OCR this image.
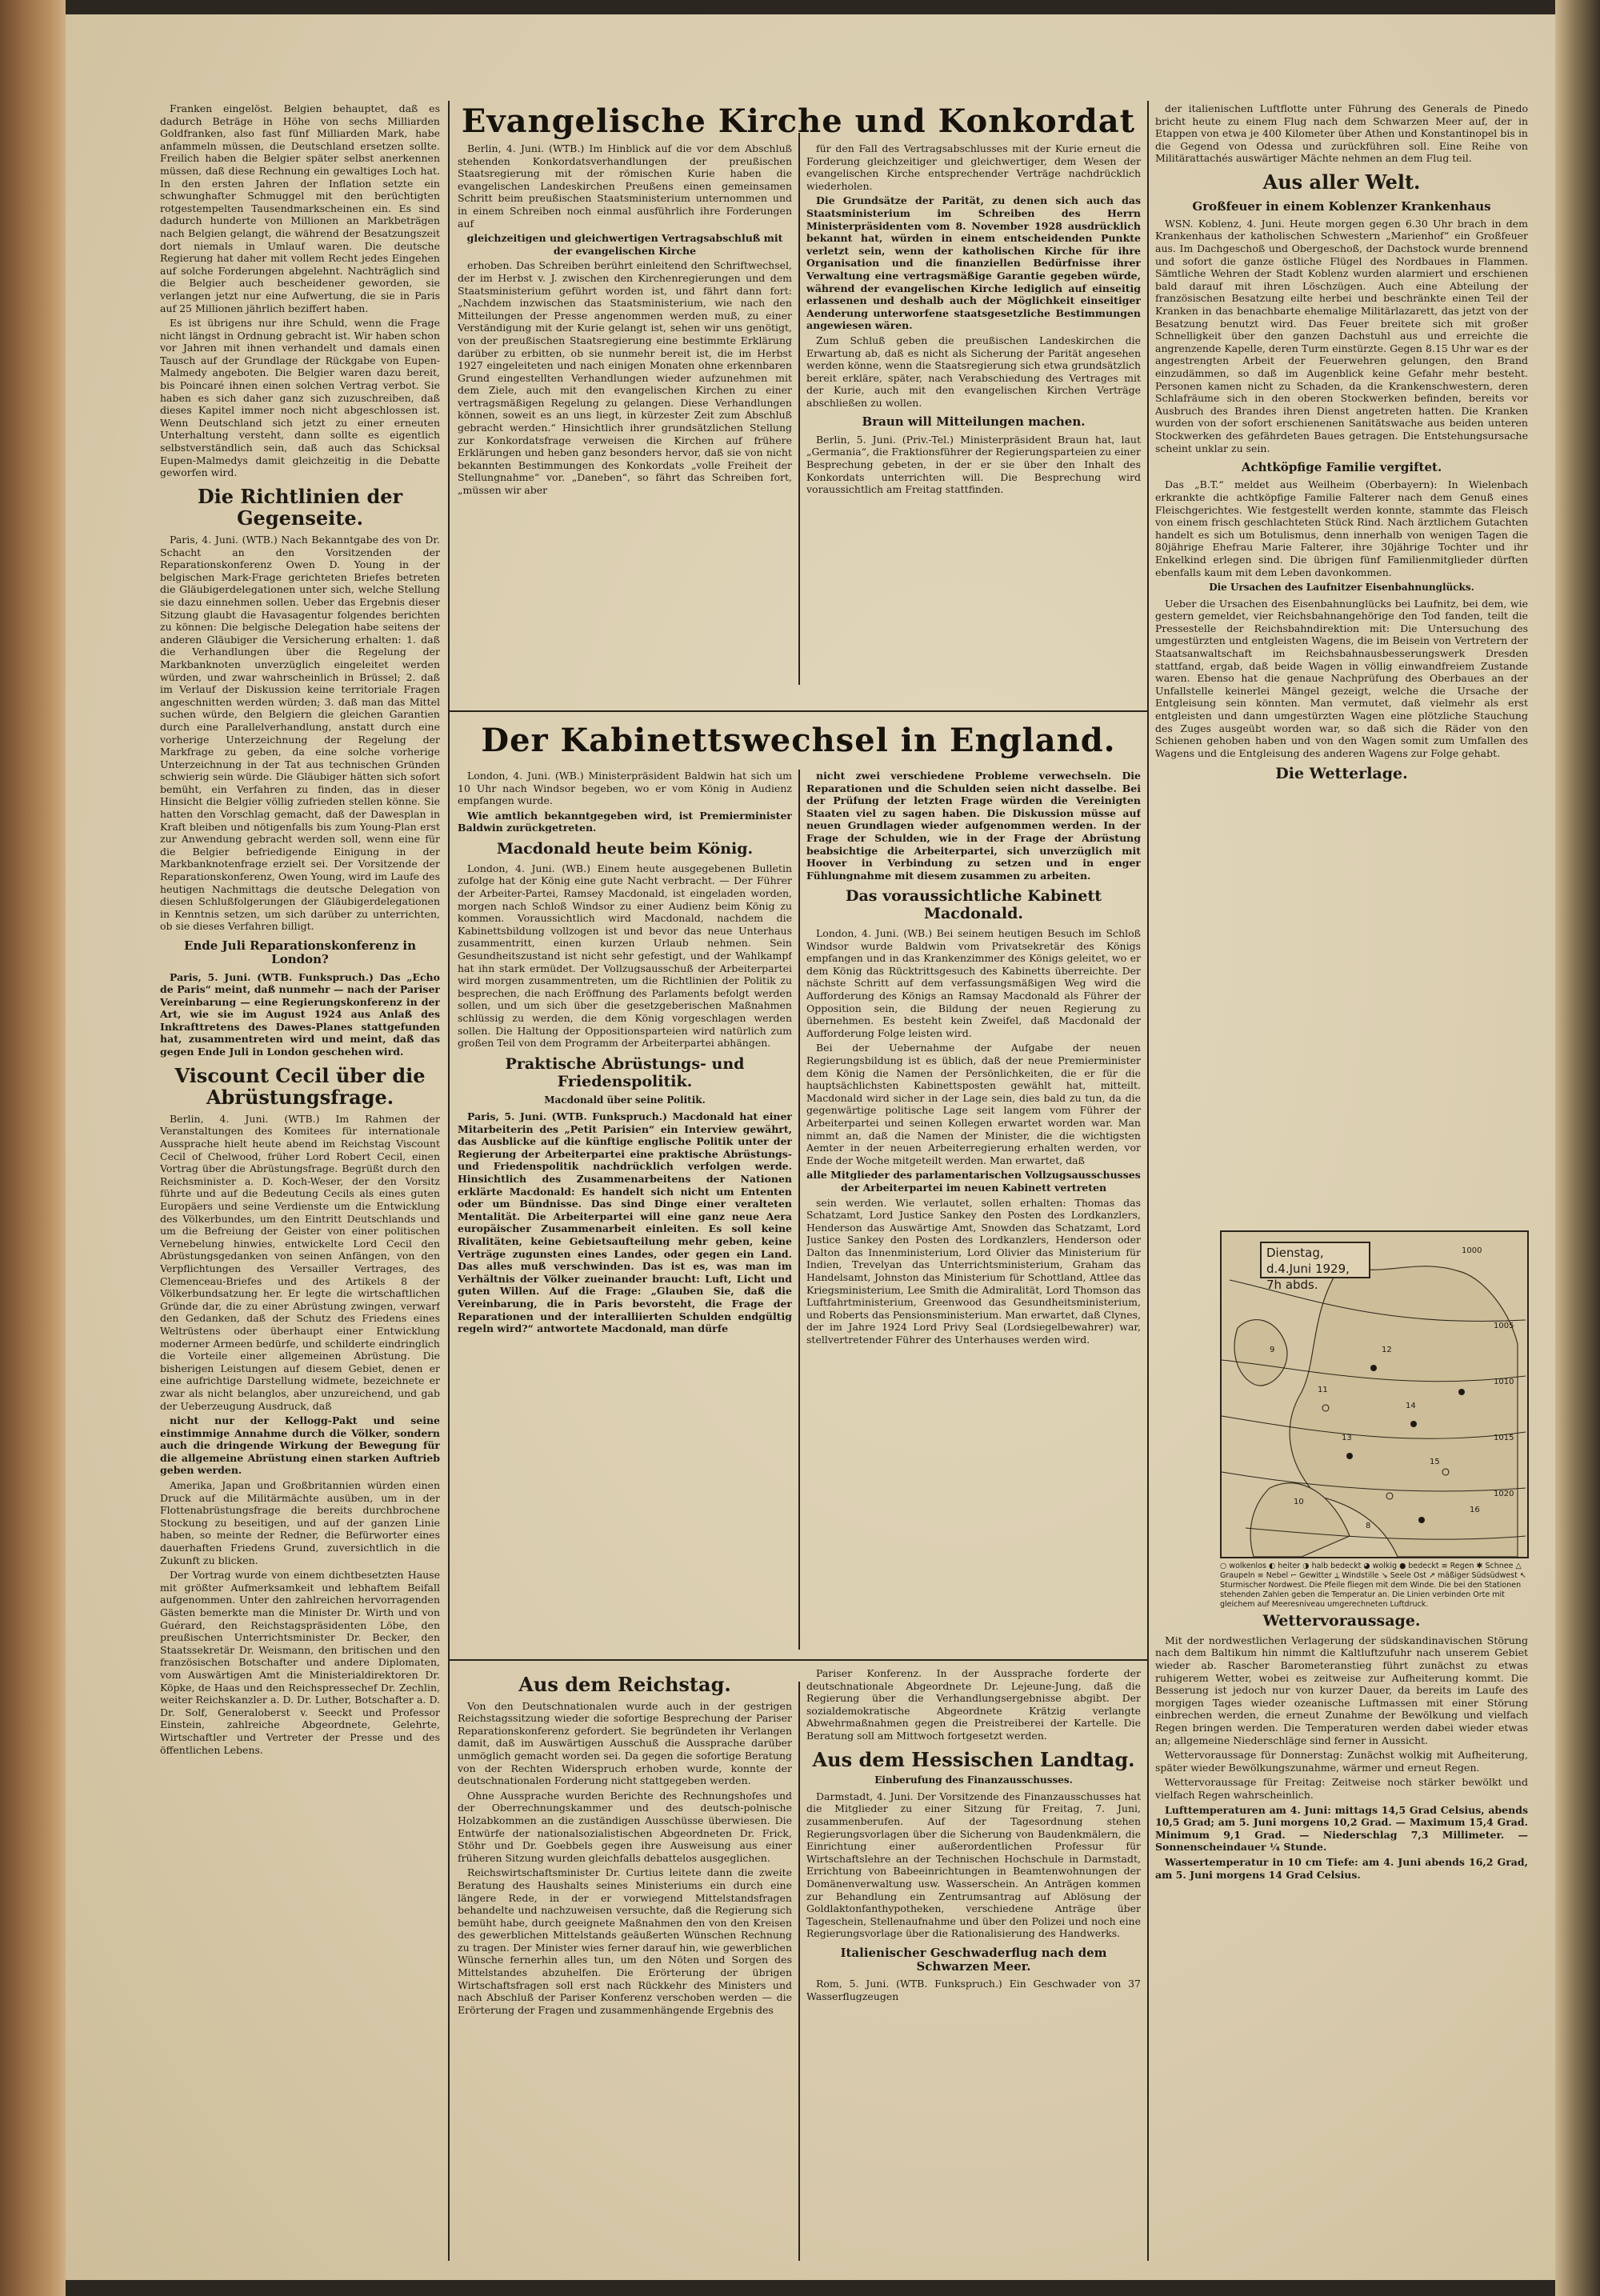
Franken eingelöst. Belgien behauptet, daß es dadurch Beträge in Höhe von sechs Milliarden Goldfranken, also fast fünf Milliarden Mark, habe anfammeln müssen, die Deutschland ersetzen sollte. Freilich haben die Belgier später selbst anerkennen müssen, daß diese Rechnung ein gewaltiges Loch hat. In den ersten Jahren der Inflation setzte ein schwunghafter Schmuggel mit den berüchtigten rotgestempelten Tausendmarkscheinen ein. Es sind dadurch hunderte von Millionen an Markbeträgen nach Belgien gelangt, die während der Besatzungszeit dort niemals in Umlauf waren. Die deutsche Regierung hat daher mit vollem Recht jedes Eingehen auf solche Forderungen abgelehnt. Nachträglich sind die Belgier auch bescheidener geworden, sie verlangen jetzt nur eine Aufwertung, die sie in Paris auf 25 Millionen jährlich beziffert haben.

Es ist übrigens nur ihre Schuld, wenn die Frage nicht längst in Ordnung gebracht ist. Wir haben schon vor Jahren mit ihnen verhandelt und damals einen Tausch auf der Grundlage der Rückgabe von Eupen-Malmedy angeboten. Die Belgier waren dazu bereit, bis Poincaré ihnen einen solchen Vertrag verbot. Sie haben es sich daher ganz sich zuzuschreiben, daß dieses Kapitel immer noch nicht abgeschlossen ist. Wenn Deutschland sich jetzt zu einer erneuten Unterhaltung versteht, dann sollte es eigentlich selbstverständlich sein, daß auch das Schicksal Eupen-Malmedys damit gleichzeitig in die Debatte geworfen wird.

Die Richtlinien der Gegenseite.

Paris, 4. Juni. (WTB.) Nach Bekanntgabe des von Dr. Schacht an den Vorsitzenden der Reparationskonferenz Owen D. Young in der belgischen Mark-Frage gerichteten Briefes betreten die Gläubigerdelegationen unter sich, welche Stellung sie dazu einnehmen sollen. Ueber das Ergebnis dieser Sitzung glaubt die Havasagentur folgendes berichten zu können: Die belgische Delegation habe seitens der anderen Gläubiger die Versicherung erhalten: 1. daß die Verhandlungen über die Regelung der Markbanknoten unverzüglich eingeleitet werden würden, und zwar wahrscheinlich in Brüssel; 2. daß im Verlauf der Diskussion keine territoriale Fragen angeschnitten werden würden; 3. daß man das Mittel suchen würde, den Belgiern die gleichen Garantien durch eine Parallelverhandlung, anstatt durch eine vorherige Unterzeichnung der Regelung der Markfrage zu geben, da eine solche vorherige Unterzeichnung in der Tat aus technischen Gründen schwierig sein würde. Die Gläubiger hätten sich sofort bemüht, ein Verfahren zu finden, das in dieser Hinsicht die Belgier völlig zufrieden stellen könne. Sie hatten den Vorschlag gemacht, daß der Dawesplan in Kraft bleiben und nötigenfalls bis zum Young-Plan erst zur Anwendung gebracht werden soll, wenn eine für die Belgier befriedigende Einigung in der Markbanknotenfrage erzielt sei. Der Vorsitzende der Reparationskonferenz, Owen Young, wird im Laufe des heutigen Nachmittags die deutsche Delegation von diesen Schlußfolgerungen der Gläubigerdelegationen in Kenntnis setzen, um sich darüber zu unterrichten, ob sie dieses Verfahren billigt.

Ende Juli Reparationskonferenz in London?

Paris, 5. Juni. (WTB. Funkspruch.) Das „Echo de Paris“ meint, daß nunmehr — nach der Pariser Vereinbarung — eine Regierungskonferenz in der Art, wie sie im August 1924 aus Anlaß des Inkrafttretens des Dawes-Planes stattgefunden hat, zusammentreten wird und meint, daß das gegen Ende Juli in London geschehen wird.

Viscount Cecil über die Abrüstungsfrage.

Berlin, 4. Juni. (WTB.) Im Rahmen der Veranstaltungen des Komitees für internationale Aussprache hielt heute abend im Reichstag Viscount Cecil of Chelwood, früher Lord Robert Cecil, einen Vortrag über die Abrüstungsfrage. Begrüßt durch den Reichsminister a. D. Koch-Weser, der den Vorsitz führte und auf die Bedeutung Cecils als eines guten Europäers und seine Verdienste um die Entwicklung des Völkerbundes, um den Eintritt Deutschlands und um die Befreiung der Geister von einer politischen Vernebelung hinwies, entwickelte Lord Cecil den Abrüstungsgedanken von seinen Anfängen, von den Verpflichtungen des Versailler Vertrages, des Clemenceau-Briefes und des Artikels 8 der Völkerbundsatzung her. Er legte die wirtschaftlichen Gründe dar, die zu einer Abrüstung zwingen, verwarf den Gedanken, daß der Schutz des Friedens eines Weltrüstens oder überhaupt einer Entwicklung moderner Armeen bedürfe, und schilderte eindringlich die Vorteile einer allgemeinen Abrüstung. Die bisherigen Leistungen auf diesem Gebiet, denen er eine aufrichtige Darstellung widmete, bezeichnete er zwar als nicht belanglos, aber unzureichend, und gab der Ueberzeugung Ausdruck, daß

nicht nur der Kellogg-Pakt und seine einstimmige Annahme durch die Völker, sondern auch die dringende Wirkung der Bewegung für die allgemeine Abrüstung einen starken Auftrieb geben werden.

Amerika, Japan und Großbritannien würden einen Druck auf die Militärmächte ausüben, um in der Flottenabrüstungsfrage die bereits durchbrochene Stockung zu beseitigen, und auf der ganzen Linie haben, so meinte der Redner, die Befürworter eines dauerhaften Friedens Grund, zuversichtlich in die Zukunft zu blicken.

Der Vortrag wurde von einem dichtbesetzten Hause mit größter Aufmerksamkeit und lebhaftem Beifall aufgenommen. Unter den zahlreichen hervorragenden Gästen bemerkte man die Minister Dr. Wirth und von Guérard, den Reichstagspräsidenten Löbe, den preußischen Unterrichtsminister Dr. Becker, den Staatssekretär Dr. Weismann, den britischen und den französischen Botschafter und andere Diplomaten, vom Auswärtigen Amt die Ministerialdirektoren Dr. Köpke, de Haas und den Reichspressechef Dr. Zechlin, weiter Reichskanzler a. D. Dr. Luther, Botschafter a. D. Dr. Solf, Generaloberst v. Seeckt und Professor Einstein, zahlreiche Abgeordnete, Gelehrte, Wirtschaftler und Vertreter der Presse und des öffentlichen Lebens.

Evangelische Kirche und Konkordat

Berlin, 4. Juni. (WTB.) Im Hinblick auf die vor dem Abschluß stehenden Konkordatsverhandlungen der preußischen Staatsregierung mit der römischen Kurie haben die evangelischen Landeskirchen Preußens einen gemeinsamen Schritt beim preußischen Staatsministerium unternommen und in einem Schreiben noch einmal ausführlich ihre Forderungen auf

gleichzeitigen und gleichwertigen Vertragsabschluß mit der evangelischen Kirche

erhoben. Das Schreiben berührt einleitend den Schriftwechsel, der im Herbst v. J. zwischen den Kirchenregierungen und dem Staatsministerium geführt worden ist, und fährt dann fort: „Nachdem inzwischen das Staatsministerium, wie nach den Mitteilungen der Presse angenommen werden muß, zu einer Verständigung mit der Kurie gelangt ist, sehen wir uns genötigt, von der preußischen Staatsregierung eine bestimmte Erklärung darüber zu erbitten, ob sie nunmehr bereit ist, die im Herbst 1927 eingeleiteten und nach einigen Monaten ohne erkennbaren Grund eingestellten Verhandlungen wieder aufzunehmen mit dem Ziele, auch mit den evangelischen Kirchen zu einer vertragsmäßigen Regelung zu gelangen. Diese Verhandlungen können, soweit es an uns liegt, in kürzester Zeit zum Abschluß gebracht werden.“ Hinsichtlich ihrer grundsätzlichen Stellung zur Konkordatsfrage verweisen die Kirchen auf frühere Erklärungen und heben ganz besonders hervor, daß sie von nicht bekannten Bestimmungen des Konkordats „volle Freiheit der Stellungnahme“ vor. „Daneben“, so fährt das Schreiben fort, „müssen wir aber

für den Fall des Vertragsabschlusses mit der Kurie erneut die Forderung gleichzeitiger und gleichwertiger, dem Wesen der evangelischen Kirche entsprechender Verträge nachdrücklich wiederholen.

Die Grundsätze der Parität, zu denen sich auch das Staatsministerium im Schreiben des Herrn Ministerpräsidenten vom 8. November 1928 ausdrücklich bekannt hat, würden in einem entscheidenden Punkte verletzt sein, wenn der katholischen Kirche für ihre Organisation und die finanziellen Bedürfnisse ihrer Verwaltung eine vertragsmäßige Garantie gegeben würde, während der evangelischen Kirche lediglich auf einseitig erlassenen und deshalb auch der Möglichkeit einseitiger Aenderung unterworfene staatsgesetzliche Bestimmungen angewiesen wären.

Zum Schluß geben die preußischen Landeskirchen die Erwartung ab, daß es nicht als Sicherung der Parität angesehen werden könne, wenn die Staatsregierung sich etwa grundsätzlich bereit erkläre, später, nach Verabschiedung des Vertrages mit der Kurie, auch mit den evangelischen Kirchen Verträge abschließen zu wollen.

Braun will Mitteilungen machen.

Berlin, 5. Juni. (Priv.-Tel.) Ministerpräsident Braun hat, laut „Germania“, die Fraktionsführer der Regierungsparteien zu einer Besprechung gebeten, in der er sie über den Inhalt des Konkordats unterrichten will. Die Besprechung wird voraussichtlich am Freitag stattfinden.

Der Kabinettswechsel in England.

London, 4. Juni. (WB.) Ministerpräsident Baldwin hat sich um 10 Uhr nach Windsor begeben, wo er vom König in Audienz empfangen wurde.

Wie amtlich bekanntgegeben wird, ist Premierminister Baldwin zurückgetreten.

Macdonald heute beim König.

London, 4. Juni. (WB.) Einem heute ausgegebenen Bulletin zufolge hat der König eine gute Nacht verbracht. — Der Führer der Arbeiter-Partei, Ramsey Macdonald, ist eingeladen worden, morgen nach Schloß Windsor zu einer Audienz beim König zu kommen. Voraussichtlich wird Macdonald, nachdem die Kabinettsbildung vollzogen ist und bevor das neue Unterhaus zusammentritt, einen kurzen Urlaub nehmen. Sein Gesundheitszustand ist nicht sehr gefestigt, und der Wahlkampf hat ihn stark ermüdet. Der Vollzugsausschuß der Arbeiterpartei wird morgen zusammentreten, um die Richtlinien der Politik zu besprechen, die nach Eröffnung des Parlaments befolgt werden sollen, und um sich über die gesetzgeberischen Maßnahmen schlüssig zu werden, die dem König vorgeschlagen werden sollen. Die Haltung der Oppositionsparteien wird natürlich zum großen Teil von dem Programm der Arbeiterpartei abhängen.

Praktische Abrüstungs- und Friedenspolitik.
Macdonald über seine Politik.

Paris, 5. Juni. (WTB. Funkspruch.) Macdonald hat einer Mitarbeiterin des „Petit Parisien“ ein Interview gewährt, das Ausblicke auf die künftige englische Politik unter der Regierung der Arbeiterpartei eine praktische Abrüstungs- und Friedenspolitik nachdrücklich verfolgen werde. Hinsichtlich des Zusammenarbeitens der Nationen erklärte Macdonald: Es handelt sich nicht um Ententen oder um Bündnisse. Das sind Dinge einer veralteten Mentalität. Die Arbeiterpartei will eine ganz neue Aera europäischer Zusammenarbeit einleiten. Es soll keine Rivalitäten, keine Gebietsaufteilung mehr geben, keine Verträge zugunsten eines Landes, oder gegen ein Land. Das alles muß verschwinden. Das ist es, was man im Verhältnis der Völker zueinander braucht: Luft, Licht und guten Willen. Auf die Frage: „Glauben Sie, daß die Vereinbarung, die in Paris bevorsteht, die Frage der Reparationen und der interalliierten Schulden endgültig regeln wird?“ antwortete Macdonald, man dürfe

nicht zwei verschiedene Probleme verwechseln. Die Reparationen und die Schulden seien nicht dasselbe. Bei der Prüfung der letzten Frage würden die Vereinigten Staaten viel zu sagen haben. Die Diskussion müsse auf neuen Grundlagen wieder aufgenommen werden. In der Frage der Schulden, wie in der Frage der Abrüstung beabsichtige die Arbeiterpartei, sich unverzüglich mit Hoover in Verbindung zu setzen und in enger Fühlungnahme mit diesem zusammen zu arbeiten.

Das voraussichtliche Kabinett Macdonald.

London, 4. Juni. (WB.) Bei seinem heutigen Besuch im Schloß Windsor wurde Baldwin vom Privatsekretär des Königs empfangen und in das Krankenzimmer des Königs geleitet, wo er dem König das Rücktrittsgesuch des Kabinetts überreichte. Der nächste Schritt auf dem verfassungsmäßigen Weg wird die Aufforderung des Königs an Ramsay Macdonald als Führer der Opposition sein, die Bildung der neuen Regierung zu übernehmen. Es besteht kein Zweifel, daß Macdonald der Aufforderung Folge leisten wird.

Bei der Uebernahme der Aufgabe der neuen Regierungsbildung ist es üblich, daß der neue Premierminister dem König die Namen der Persönlichkeiten, die er für die hauptsächlichsten Kabinettsposten gewählt hat, mitteilt. Macdonald wird sicher in der Lage sein, dies bald zu tun, da die gegenwärtige politische Lage seit langem vom Führer der Arbeiterpartei und seinen Kollegen erwartet worden war. Man nimmt an, daß die Namen der Minister, die die wichtigsten Aemter in der neuen Arbeiterregierung erhalten werden, vor Ende der Woche mitgeteilt werden. Man erwartet, daß

alle Mitglieder des parlamentarischen Vollzugsausschusses der Arbeiterpartei im neuen Kabinett vertreten

sein werden. Wie verlautet, sollen erhalten: Thomas das Schatzamt, Lord Justice Sankey den Posten des Lordkanzlers, Henderson das Auswärtige Amt, Snowden das Schatzamt, Lord Justice Sankey den Posten des Lordkanzlers, Henderson oder Dalton das Innenministerium, Lord Olivier das Ministerium für Indien, Trevelyan das Unterrichtsministerium, Graham das Handelsamt, Johnston das Ministerium für Schottland, Attlee das Kriegsministerium, Lee Smith die Admiralität, Lord Thomson das Luftfahrtministerium, Greenwood das Gesundheitsministerium, und Roberts das Pensionsministerium. Man erwartet, daß Clynes, der im Jahre 1924 Lord Privy Seal (Lordsiegelbewahrer) war, stellvertretender Führer des Unterhauses werden wird.

Aus dem Reichstag.

Von den Deutschnationalen wurde auch in der gestrigen Reichstagssitzung wieder die sofortige Besprechung der Pariser Reparationskonferenz gefordert. Sie begründeten ihr Verlangen damit, daß im Auswärtigen Ausschuß die Aussprache darüber unmöglich gemacht worden sei. Da gegen die sofortige Beratung von der Rechten Widerspruch erhoben wurde, konnte der deutschnationalen Forderung nicht stattgegeben werden.

Ohne Aussprache wurden Berichte des Rechnungshofes und der Oberrechnungskammer und des deutsch-polnische Holzabkommen an die zuständigen Ausschüsse überwiesen. Die Entwürfe der nationalsozialistischen Abgeordneten Dr. Frick, Stöhr und Dr. Goebbels gegen ihre Ausweisung aus einer früheren Sitzung wurden gleichfalls debattelos ausgeglichen.

Reichswirtschaftsminister Dr. Curtius leitete dann die zweite Beratung des Haushalts seines Ministeriums ein durch eine längere Rede, in der er vorwiegend Mittelstandsfragen behandelte und nachzuweisen versuchte, daß die Regierung sich bemüht habe, durch geeignete Maßnahmen den von den Kreisen des gewerblichen Mittelstands geäußerten Wünschen Rechnung zu tragen. Der Minister wies ferner darauf hin, wie gewerblichen Wünsche fernerhin alles tun, um den Nöten und Sorgen des Mittelstandes abzuhelfen. Die Erörterung der übrigen Wirtschaftsfragen soll erst nach Rückkehr des Ministers und nach Abschluß der Pariser Konferenz verschoben werden — die Erörterung der Fragen und zusammenhängende Ergebnis des

Pariser Konferenz. In der Aussprache forderte der deutschnationale Abgeordnete Dr. Lejeune-Jung, daß die Regierung über die Verhandlungsergebnisse abgibt. Der sozialdemokratische Abgeordnete Krätzig verlangte Abwehrmaßnahmen gegen die Preistreiberei der Kartelle. Die Beratung soll am Mittwoch fortgesetzt werden.

Aus dem Hessischen Landtag.
Einberufung des Finanzausschusses.

Darmstadt, 4. Juni. Der Vorsitzende des Finanzausschusses hat die Mitglieder zu einer Sitzung für Freitag, 7. Juni, zusammenberufen. Auf der Tagesordnung stehen Regierungsvorlagen über die Sicherung von Baudenkmälern, die Einrichtung einer außerordentlichen Professur für Wirtschaftslehre an der Technischen Hochschule in Darmstadt, Errichtung von Babeeinrichtungen in Beamtenwohnungen der Domänenverwaltung usw. Wasserschein. An Anträgen kommen zur Behandlung ein Zentrumsantrag auf Ablösung der Goldlaktonfanthypotheken, verschiedene Anträge über Tageschein, Stellenaufnahme und über den Polizei und noch eine Regierungsvorlage über die Rationalisierung des Handwerks.

Italienischer Geschwaderflug nach dem Schwarzen Meer.

Rom, 5. Juni. (WTB. Funkspruch.) Ein Geschwader von 37 Wasserflugzeugen

der italienischen Luftflotte unter Führung des Generals de Pinedo bricht heute zu einem Flug nach dem Schwarzen Meer auf, der in Etappen von etwa je 400 Kilometer über Athen und Konstantinopel bis in die Gegend von Odessa und zurückführen soll. Eine Reihe von Militärattachés auswärtiger Mächte nehmen an dem Flug teil.

Aus aller Welt.
Großfeuer in einem Koblenzer Krankenhaus

WSN. Koblenz, 4. Juni. Heute morgen gegen 6.30 Uhr brach in dem Krankenhaus der katholischen Schwestern „Marienhof“ ein Großfeuer aus. Im Dachgeschoß und Obergeschoß, der Dachstock wurde brennend und sofort die ganze östliche Flügel des Nordbaues in Flammen. Sämtliche Wehren der Stadt Koblenz wurden alarmiert und erschienen bald darauf mit ihren Löschzügen. Auch eine Abteilung der französischen Besatzung eilte herbei und beschränkte einen Teil der Kranken in das benachbarte ehemalige Militärlazarett, das jetzt von der Besatzung benutzt wird. Das Feuer breitete sich mit großer Schnelligkeit über den ganzen Dachstuhl aus und erreichte die angrenzende Kapelle, deren Turm einstürzte. Gegen 8.15 Uhr war es der angestrengten Arbeit der Feuerwehren gelungen, den Brand einzudämmen, so daß im Augenblick keine Gefahr mehr besteht. Personen kamen nicht zu Schaden, da die Krankenschwestern, deren Schlafräume sich in den oberen Stockwerken befinden, bereits vor Ausbruch des Brandes ihren Dienst angetreten hatten. Die Kranken wurden von der sofort erschienenen Sanitätswache aus beiden unteren Stockwerken des gefährdeten Baues getragen. Die Entstehungsursache scheint unklar zu sein.

Achtköpfige Familie vergiftet.

Das „B.T.“ meldet aus Weilheim (Oberbayern): In Wielenbach erkrankte die achtköpfige Familie Falterer nach dem Genuß eines Fleischgerichtes. Wie festgestellt werden konnte, stammte das Fleisch von einem frisch geschlachteten Stück Rind. Nach ärztlichem Gutachten handelt es sich um Botulismus, denn innerhalb von wenigen Tagen die 80jährige Ehefrau Marie Falterer, ihre 30jährige Tochter und ihr Enkelkind erlegen sind. Die übrigen fünf Familienmitglieder dürften ebenfalls kaum mit dem Leben davonkommen.

Die Ursachen des Laufnitzer Eisenbahnunglücks.

Ueber die Ursachen des Eisenbahnunglücks bei Laufnitz, bei dem, wie gestern gemeldet, vier Reichsbahnangehörige den Tod fanden, teilt die Pressestelle der Reichsbahndirektion mit: Die Untersuchung des umgestürzten und entgleisten Wagens, die im Beisein von Vertretern der Staatsanwaltschaft im Reichsbahnausbesserungswerk Dresden stattfand, ergab, daß beide Wagen in völlig einwandfreiem Zustande waren. Ebenso hat die genaue Nachprüfung des Oberbaues an der Unfallstelle keinerlei Mängel gezeigt, welche die Ursache der Entgleisung sein könnten. Man vermutet, daß vielmehr als erst entgleisten und dann umgestürzten Wagen eine plötzliche Stauchung des Zuges ausgeübt worden war, so daß sich die Räder von den Schienen gehoben haben und von den Wagen somit zum Umfallen des Wagens und die Entgleisung des anderen Wagens zur Folge gehabt.

Die Wetterlage.
1000
1005
1010
1015
1020
12
14
15
16
13
11
9
10
8
Dienstag,
d.4.Juni 1929, 7h abds.
○ wolkenlos ◐ heiter ◑ halb bedeckt ◕ wolkig ● bedeckt ≡ Regen ✱ Schnee △ Graupeln ≡ Nebel ⌐ Gewitter ⟂ Windstille ↘ Seele Ost ↗ mäßiger Südsüdwest ↖ Sturmischer Nordwest. Die Pfeile fliegen mit dem Winde. Die bei den Stationen stehenden Zahlen geben die Temperatur an. Die Linien verbinden Orte mit gleichem auf Meeresniveau umgerechneten Luftdruck.
Wettervoraussage.

Mit der nordwestlichen Verlagerung der südskandinavischen Störung nach dem Baltikum hin nimmt die Kaltluftzufuhr nach unserem Gebiet wieder ab. Rascher Barometeranstieg führt zunächst zu etwas ruhigerem Wetter, wobei es zeitweise zur Aufheiterung kommt. Die Besserung ist jedoch nur von kurzer Dauer, da bereits im Laufe des morgigen Tages wieder ozeanische Luftmassen mit einer Störung einbrechen werden, die erneut Zunahme der Bewölkung und vielfach Regen bringen werden. Die Temperaturen werden dabei wieder etwas an; allgemeine Niederschläge sind ferner in Aussicht.

Wettervoraussage für Donnerstag: Zunächst wolkig mit Aufheiterung, später wieder Bewölkungszunahme, wärmer und erneut Regen.

Wettervoraussage für Freitag: Zeitweise noch stärker bewölkt und vielfach Regen wahrscheinlich.

Lufttemperaturen am 4. Juni: mittags 14,5 Grad Celsius, abends 10,5 Grad; am 5. Juni morgens 10,2 Grad. — Maximum 15,4 Grad. Minimum 9,1 Grad. — Niederschlag 7,3 Millimeter. — Sonnenscheindauer ¼ Stunde.

Wassertemperatur in 10 cm Tiefe: am 4. Juni abends 16,2 Grad, am 5. Juni morgens 14 Grad Celsius.
